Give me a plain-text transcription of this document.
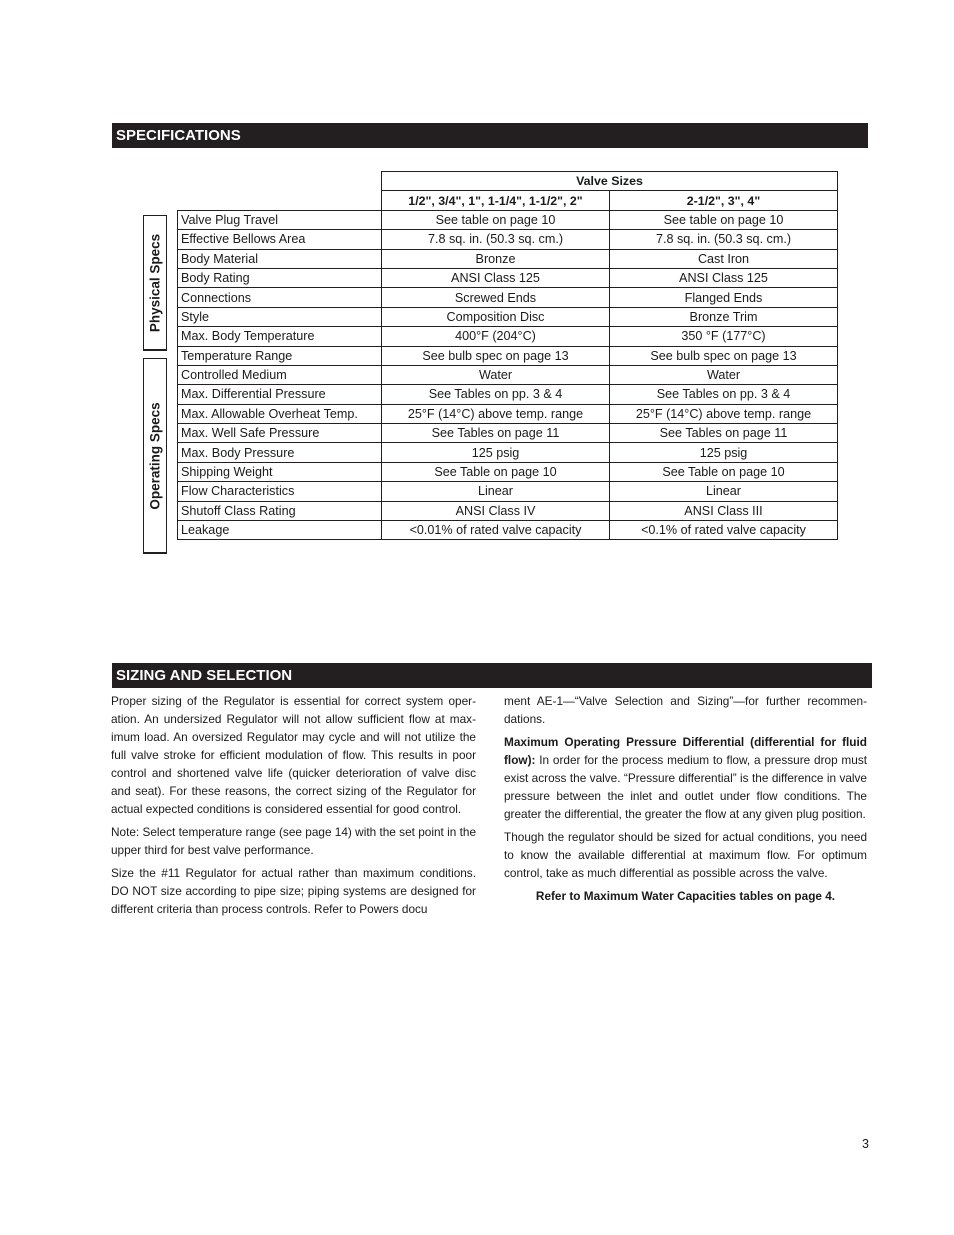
SPECIFICATIONS
Physical Specs
Operating Specs
	Valve Sizes	
	1/2", 3/4", 1", 1-1/4", 1-1/2", 2"	2-1/2", 3", 4"
Valve Plug Travel	See table on page 10	See table on page 10
Effective Bellows Area	7.8 sq. in. (50.3 sq. cm.)	7.8 sq. in. (50.3 sq. cm.)
Body Material	Bronze	Cast Iron
Body Rating	ANSI Class 125	ANSI Class 125
Connections	Screwed Ends	Flanged Ends
Style	Composition Disc	Bronze Trim
Max. Body Temperature	400°F (204°C)	350 °F (177°C)
Temperature Range	See bulb spec on page 13	See bulb spec on page 13
Controlled Medium	Water	Water
Max. Differential Pressure	See Tables on pp. 3 & 4	See Tables on pp. 3 & 4
Max. Allowable Overheat Temp.	25°F (14°C) above temp. range	25°F (14°C) above temp. range
Max. Well Safe Pressure	See Tables on page 11	See Tables on page 11
Max. Body Pressure	125 psig	125 psig
Shipping Weight	See Table on page 10	See Table on page 10
Flow Characteristics	Linear	Linear
Shutoff Class Rating	ANSI Class IV	ANSI Class III
Leakage	<0.01% of rated valve capacity	<0.1% of rated valve capacity
SIZING AND SELECTION

Proper sizing of the Regulator is essential for correct system operation. An undersized Regulator will not allow sufficient flow at maximum load. An oversized Regulator may cycle and will not utilize the full valve stroke for efficient modulation of flow. This results in poor control and shortened valve life (quicker deterioration of valve disc and seat). For these reasons, the correct sizing of the Regulator for actual expected conditions is considered essential for good control.

Note: Select temperature range (see page 14) with the set point in the upper third for best valve performance.

Size the #11 Regulator for actual rather than maximum conditions. DO NOT size according to pipe size; piping systems are designed for different criteria than process controls. Refer to Powers docu

ment AE-1—“Valve Selection and Sizing”—for further recommendations.

Maximum Operating Pressure Differential (differential for fluid flow): In order for the process medium to flow, a pressure drop must exist across the valve. “Pressure differential” is the difference in valve pressure between the inlet and outlet under flow conditions. The greater the differential, the greater the flow at any given plug position.

Though the regulator should be sized for actual conditions, you need to know the available differential at maximum flow. For optimum control, take as much differential as possible across the valve.

Refer to Maximum Water Capacities tables on page 4.

3
